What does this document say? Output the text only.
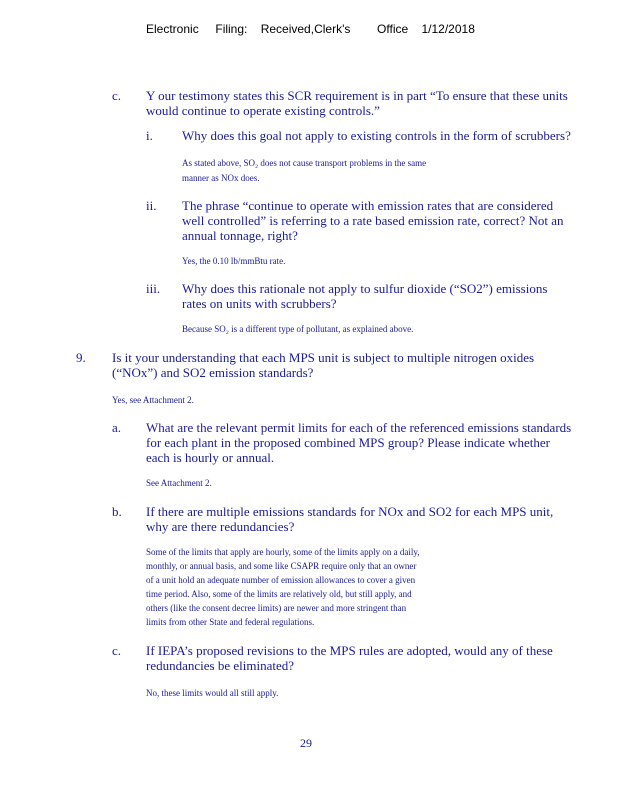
Electronic     Filing:    Received,Clerk's        Office    1/12/2018
c. Y our testimony states this SCR requirement is in part “To ensure that these units
would continue to operate existing controls.”
i. Why does this goal not apply to existing controls in the form of scrubbers?
As stated above, SO₂ does not cause transport problems in the same
manner as NOx does.
ii. The phrase “continue to operate with emission rates that are considered
well controlled” is referring to a rate based emission rate, correct? Not an
annual tonnage, right?
Yes, the 0.10 lb/mmBtu rate.
iii. Why does this rationale not apply to sulfur dioxide (“SO2”) emissions
rates on units with scrubbers?
Because SO₂ is a different type of pollutant, as explained above.
9. Is it your understanding that each MPS unit is subject to multiple nitrogen oxides
(“NOx”) and SO2 emission standards?
Yes, see Attachment 2.
a. What are the relevant permit limits for each of the referenced emissions standards
for each plant in the proposed combined MPS group? Please indicate whether
each is hourly or annual.
See Attachment 2.
b. If there are multiple emissions standards for NOx and SO2 for each MPS unit,
why are there redundancies?
Some of the limits that apply are hourly, some of the limits apply on a daily,
monthly, or annual basis, and some like CSAPR require only that an owner
of a unit hold an adequate number of emission allowances to cover a given
time period. Also, some of the limits are relatively old, but still apply, and
others (like the consent decree limits) are newer and more stringent than
limits from other State and federal regulations.
c. If IEPA’s proposed revisions to the MPS rules are adopted, would any of these
redundancies be eliminated?
No, these limits would all still apply.
29
